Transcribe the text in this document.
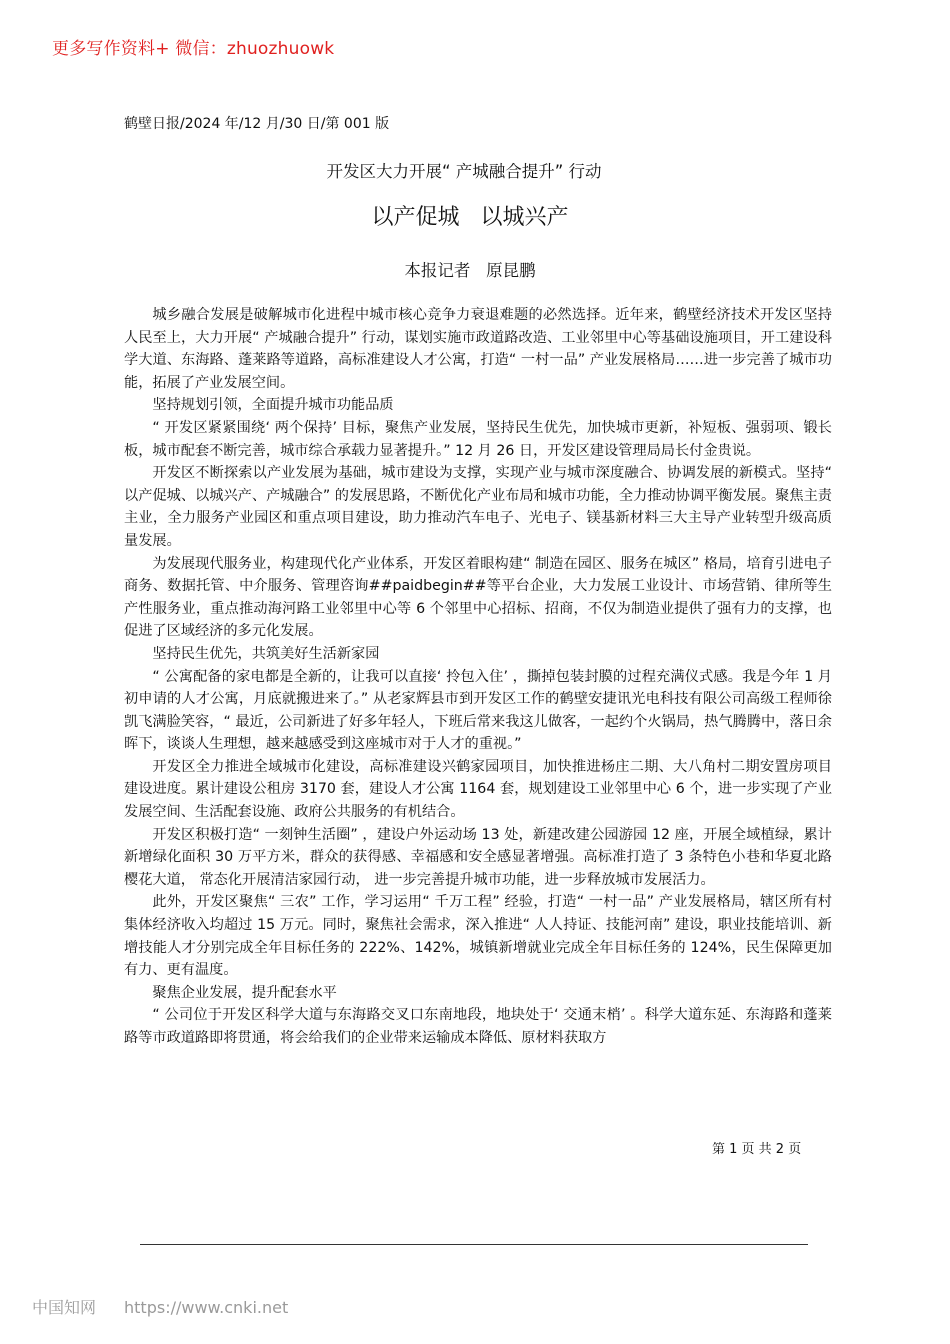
更多写作资料+ 微信：zhuozhuowk
鹤壁日报/2024 年/12 月/30 日/第 001 版
开发区大力开展“ 产城融合提升” 行动
以产促城   以城兴产
本报记者   原昆鹏

城乡融合发展是破解城市化进程中城市核心竞争力衰退难题的必然选择。近年来，鹤壁经济技术开发区坚持人民至上，大力开展“ 产城融合提升” 行动，谋划实施市政道路改造、工业邻里中心等基础设施项目，开工建设科学大道、东海路、蓬莱路等道路，高标准建设人才公寓，打造“ 一村一品” 产业发展格局……进一步完善了城市功能，拓展了产业发展空间。

坚持规划引领，全面提升城市功能品质

“ 开发区紧紧围绕‘ 两个保持’ 目标，聚焦产业发展，坚持民生优先，加快城市更新，补短板、强弱项、锻长板，城市配套不断完善，城市综合承载力显著提升。” 12 月 26 日，开发区建设管理局局长付金贵说。

开发区不断探索以产业发展为基础，城市建设为支撑，实现产业与城市深度融合、协调发展的新模式。坚持“ 以产促城、以城兴产、产城融合” 的发展思路，不断优化产业布局和城市功能，全力推动协调平衡发展。聚焦主责主业，全力服务产业园区和重点项目建设，助力推动汽车电子、光电子、镁基新材料三大主导产业转型升级高质量发展。

为发展现代服务业，构建现代化产业体系，开发区着眼构建“ 制造在园区、服务在城区” 格局，培育引进电子商务、数据托管、中介服务、管理咨询##paidbegin##等平台企业，大力发展工业设计、市场营销、律所等生产性服务业，重点推动海河路工业邻里中心等 6 个邻里中心招标、招商，不仅为制造业提供了强有力的支撑，也促进了区域经济的多元化发展。

坚持民生优先，共筑美好生活新家园

“ 公寓配备的家电都是全新的，让我可以直接‘ 拎包入住’ ，撕掉包装封膜的过程充满仪式感。我是今年 1 月初申请的人才公寓，月底就搬进来了。” 从老家辉县市到开发区工作的鹤壁安捷讯光电科技有限公司高级工程师徐凯飞满脸笑容，“ 最近，公司新进了好多年轻人，下班后常来我这儿做客，一起约个火锅局，热气腾腾中，落日余晖下，谈谈人生理想，越来越感受到这座城市对于人才的重视。”

开发区全力推进全域城市化建设，高标准建设兴鹤家园项目，加快推进杨庄二期、大八角村二期安置房项目建设进度。累计建设公租房 3170 套，建设人才公寓 1164 套，规划建设工业邻里中心 6 个，进一步实现了产业发展空间、生活配套设施、政府公共服务的有机结合。

开发区积极打造“ 一刻钟生活圈” ，建设户外运动场 13 处，新建改建公园游园 12 座，开展全域植绿，累计新增绿化面积 30 万平方米，群众的获得感、幸福感和安全感显著增强。高标准打造了 3 条特色小巷和华夏北路樱花大道， 常态化开展清洁家园行动， 进一步完善提升城市功能，进一步释放城市发展活力。

此外，开发区聚焦“ 三农” 工作，学习运用“ 千万工程” 经验，打造“ 一村一品” 产业发展格局，辖区所有村集体经济收入均超过 15 万元。同时，聚焦社会需求，深入推进“ 人人持证、技能河南” 建设，职业技能培训、新增技能人才分别完成全年目标任务的 222%、142%，城镇新增就业完成全年目标任务的 124%，民生保障更加有力、更有温度。

聚焦企业发展，提升配套水平

“ 公司位于开发区科学大道与东海路交叉口东南地段，地块处于‘ 交通末梢’ 。科学大道东延、东海路和蓬莱路等市政道路即将贯通，将会给我们的企业带来运输成本降低、原材料获取方

第 1 页 共 2 页
中国知网 https://www.cnki.net
